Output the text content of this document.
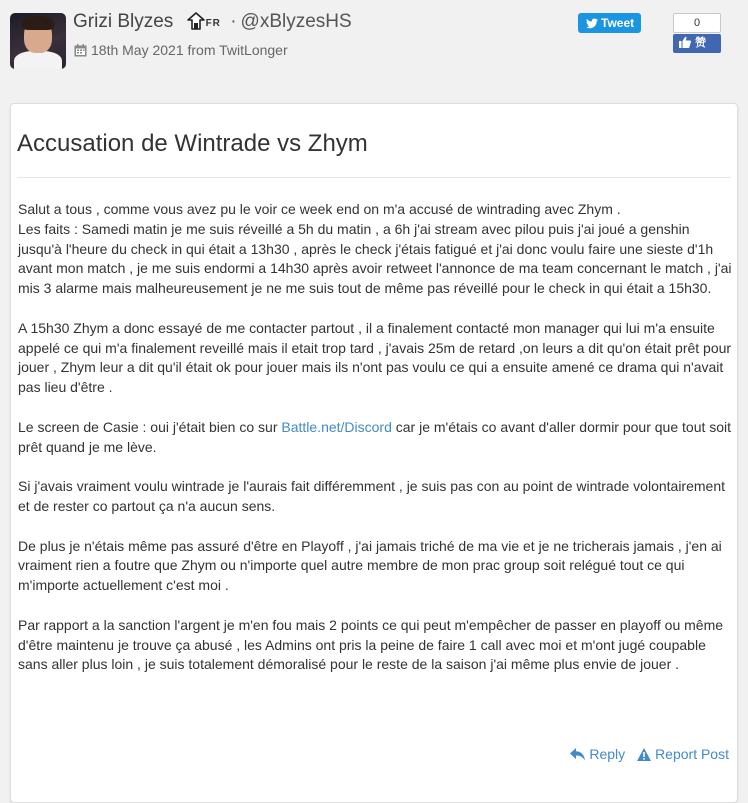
Grizi Blyzes	FR · @xBlyzesHS
18th May 2021 from TwitLonger
Tweet	0
赞
Accusation de Wintrade vs Zhym

Salut a tous , comme vous avez pu le voir ce week end on m'a accusé de wintrading avec Zhym .
Les faits : Samedi matin je me suis réveillé a 5h du matin , a 6h j'ai stream avec pilou puis j'ai joué a genshin jusqu'à l'heure du check in qui était a 13h30 , après le check j'étais fatigué et j'ai donc voulu faire une sieste d'1h avant mon match , je me suis endormi a 14h30 après avoir retweet l'annonce de ma team concernant le match , j'ai mis 3 alarme mais malheureusement je ne me suis tout de même pas réveillé pour le check in qui était a 15h30.

A 15h30 Zhym a donc essayé de me contacter partout , il a finalement contacté mon manager qui lui m'a ensuite appelé ce qui m'a finalement reveillé mais il etait trop tard , j'avais 25m de retard ,on leurs a dit qu'on était prêt pour jouer , Zhym leur a dit qu'il était ok pour jouer mais ils n'ont pas voulu ce qui a ensuite amené ce drama qui n'avait pas lieu d'être .

Le screen de Casie : oui j'était bien co sur Battle.net/Discord car je m'étais co avant d'aller dormir pour que tout soit prêt quand je me lève.

Si j'avais vraiment voulu wintrade je l'aurais fait différemment , je suis pas con au point de wintrade volontairement et de rester co partout ça n'a aucun sens.

De plus je n'étais même pas assuré d'être en Playoff , j'ai jamais triché de ma vie et je ne tricherais jamais , j'en ai vraiment rien a foutre que Zhym ou n'importe quel autre membre de mon prac group soit relégué tout ce qui m'importe actuellement c'est moi .

Par rapport a la sanction l'argent je m'en fou mais 2 points ce qui peut m'empêcher de passer en playoff ou même d'être maintenu je trouve ça abusé , les Admins ont pris la peine de faire 1 call avec moi et m'ont jugé coupable sans aller plus loin , je suis totalement démoralisé pour le reste de la saison j'ai même plus envie de jouer .

Reply Report Post
